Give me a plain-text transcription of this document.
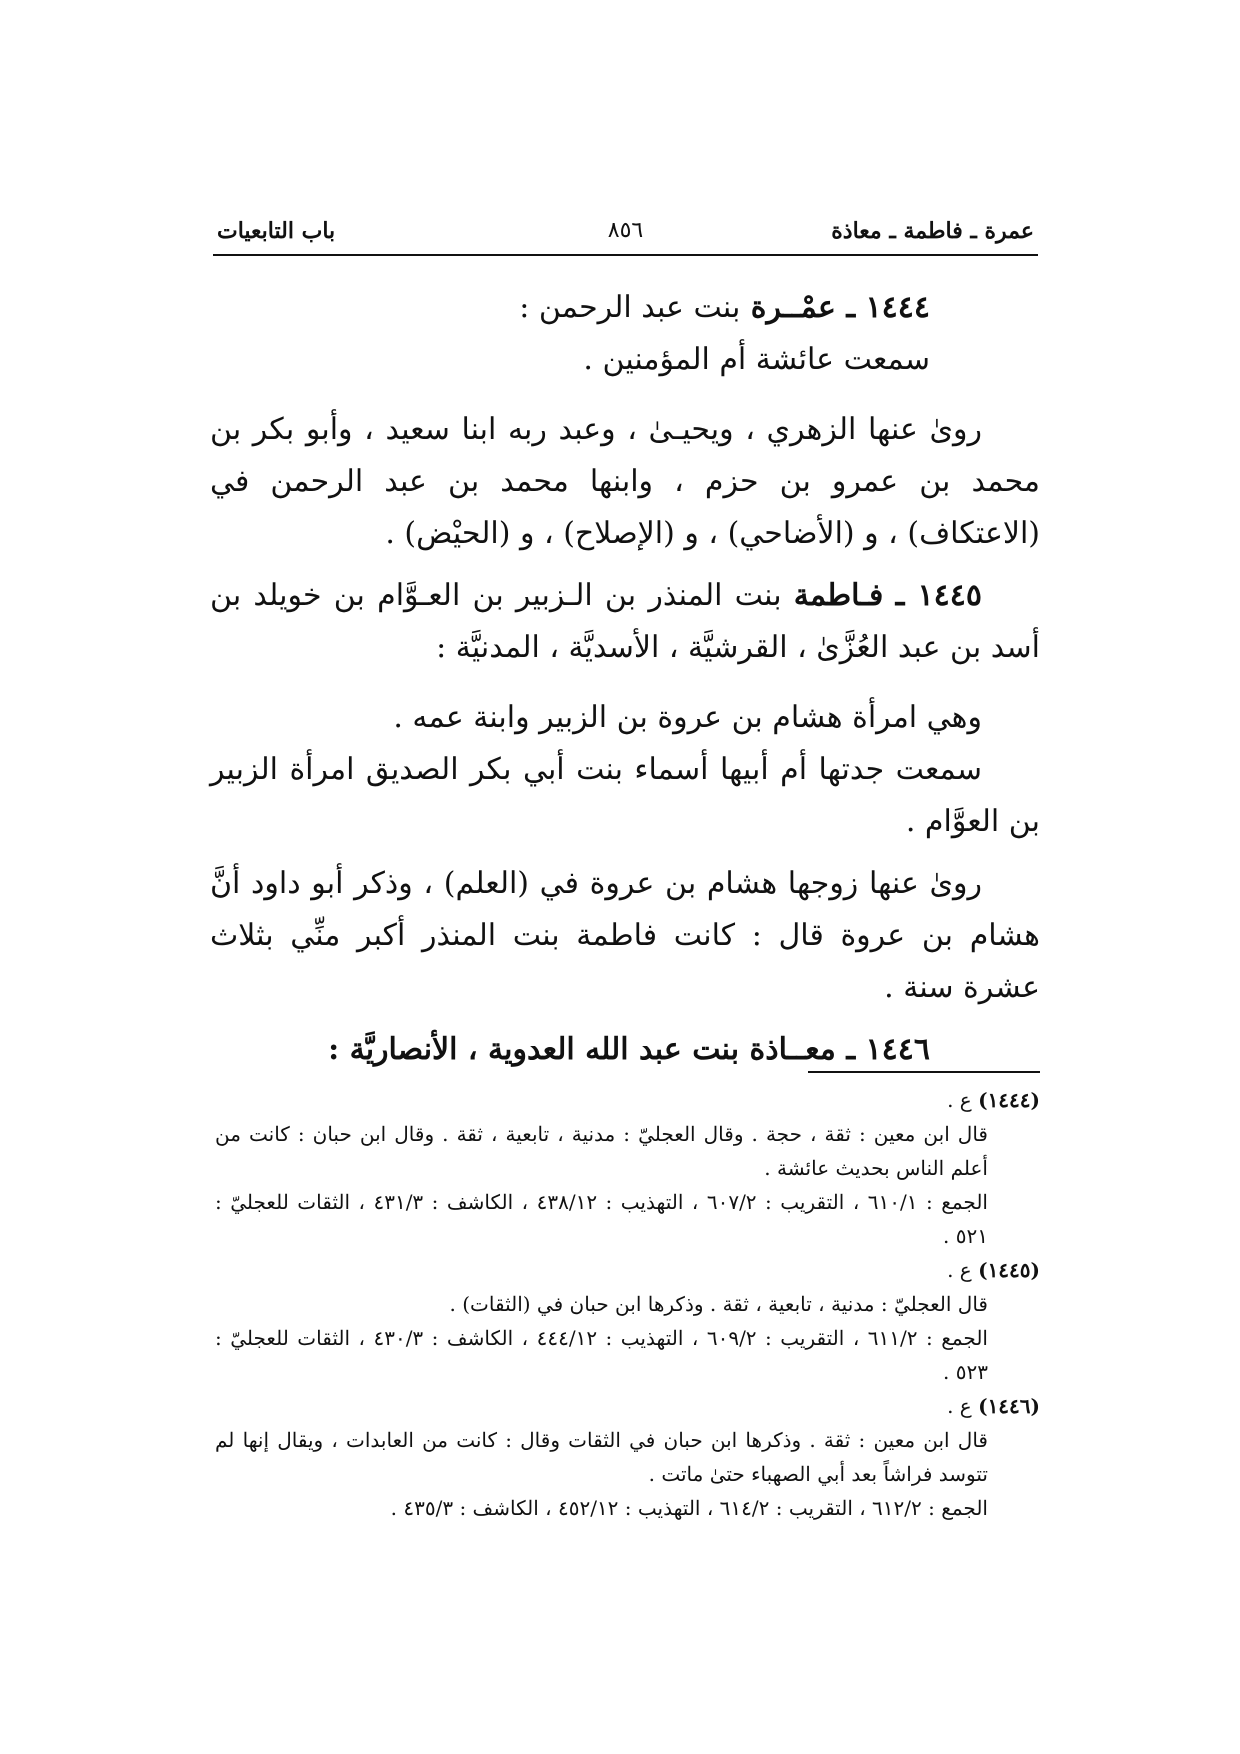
عمرة ـ فاطمة ـ معاذة
٨٥٦
باب التابعيات

١٤٤٤ ـ عمْــرة بنت عبد الرحمن :

سمعت عائشة أم المؤمنين .

روىٰ عنها الزهري ، ويحيـىٰ ، وعبد ربه ابنا سعيد ، وأبو بكر بن محمد بن عمرو بن حزم ، وابنها محمد بن عبد الرحمن في (الاعتكاف) ، و (الأضاحي) ، و (الإصلاح) ، و (الحيْض) .

١٤٤٥ ـ فـاطمة بنت المنذر بن الـزبير بن العـوَّام بن خويلد بن أسد بن عبد العُزَّىٰ ، القرشيَّة ، الأسديَّة ، المدنيَّة :

وهي امرأة هشام بن عروة بن الزبير وابنة عمه .

سمعت جدتها أم أبيها أسماء بنت أبي بكر الصديق امرأة الزبير بن العوَّام .

روىٰ عنها زوجها هشام بن عروة في (العلم) ، وذكر أبو داود أنَّ هشام بن عروة قال : كانت فاطمة بنت المنذر أكبر منِّي بثلاث عشرة سنة .

١٤٤٦ ـ معــاذة بنت عبد الله العدوية ، الأنصاريَّة :

(١٤٤٤) ع .

قال ابن معين : ثقة ، حجة . وقال العجليّ : مدنية ، تابعية ، ثقة . وقال ابن حبان : كانت من أعلم الناس بحديث عائشة .

الجمع : ٦١٠/١ ، التقريب : ٦٠٧/٢ ، التهذيب : ٤٣٨/١٢ ، الكاشف : ٤٣١/٣ ، الثقات للعجليّ : ٥٢١ .

(١٤٤٥) ع .

قال العجليّ : مدنية ، تابعية ، ثقة . وذكرها ابن حبان في (الثقات) .

الجمع : ٦١١/٢ ، التقريب : ٦٠٩/٢ ، التهذيب : ٤٤٤/١٢ ، الكاشف : ٤٣٠/٣ ، الثقات للعجليّ : ٥٢٣ .

(١٤٤٦) ع .

قال ابن معين : ثقة . وذكرها ابن حبان في الثقات وقال : كانت من العابدات ، ويقال إنها لم تتوسد فراشاً بعد أبي الصهباء حتىٰ ماتت .

الجمع : ٦١٢/٢ ، التقريب : ٦١٤/٢ ، التهذيب : ٤٥٢/١٢ ، الكاشف : ٤٣٥/٣ .
